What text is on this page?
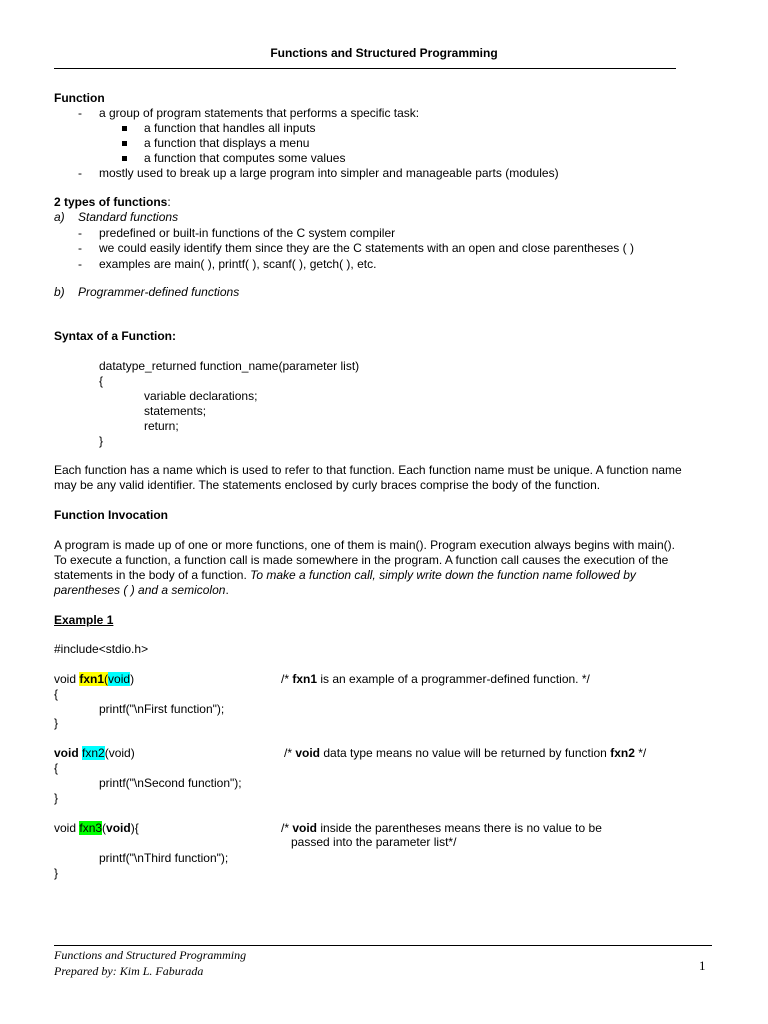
Functions and Structured Programming
Function
- a group of program statements that performs a specific task:
a function that handles all inputs
a function that displays a menu
a function that computes some values
- mostly used to break up a large program into simpler and manageable parts (modules)
2 types of functions:
a) Standard functions
- predefined or built-in functions of the C system compiler
- we could easily identify them since they are the C statements with an open and close parentheses ( )
- examples are main( ), printf( ), scanf( ), getch( ), etc.
b) Programmer-defined functions
Syntax of a Function:
datatype_returned function_name(parameter list)
{
variable declarations;
statements;
return;
}
Each function has a name which is used to refer to that function. Each function name must be unique. A function name
may be any valid identifier. The statements enclosed by curly braces comprise the body of the function.
Function Invocation
A program is made up of one or more functions, one of them is main(). Program execution always begins with main().
To execute a function, a function call is made somewhere in the program. A function call causes the execution of the
statements in the body of a function. To make a function call, simply write down the function name followed by
parentheses ( ) and a semicolon.
Example 1
#include<stdio.h>
void fxn1(void)	/* fxn1 is an example of a programmer-defined function. */
{
printf("\nFirst function");
}
void fxn2(void)	/* void data type means no value will be returned by function fxn2 */
{
printf("\nSecond function");
}
void fxn3(void){	/* void inside the parentheses means there is no value to be
passed into the parameter list*/
printf("\nThird function");
}
Functions and Structured Programming
Prepared by: Kim L. Faburada	1
